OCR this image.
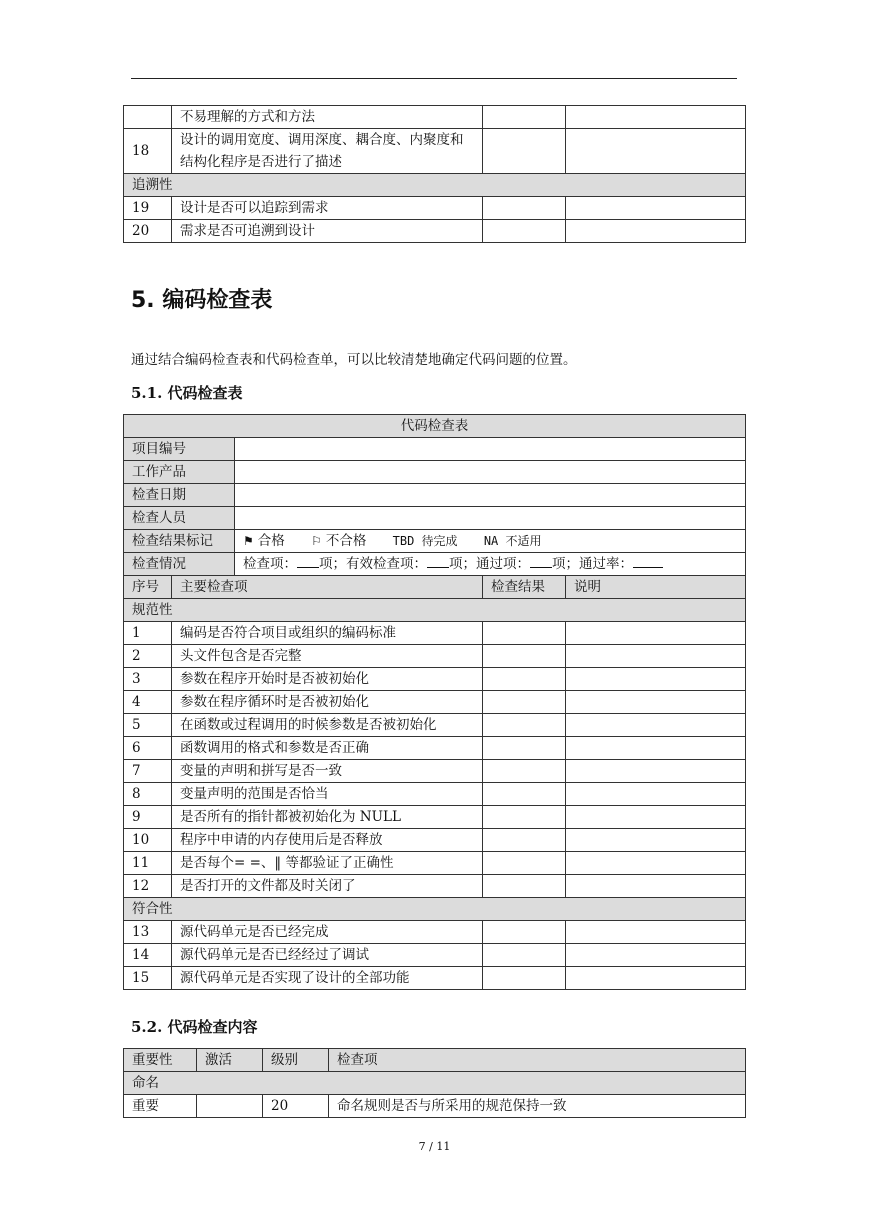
	不易理解的方式和方法		
18	设计的调用宽度、调用深度、耦合度、内聚度和结构化程序是否进行了描述		
追溯性			
19	设计是否可以追踪到需求		
20	需求是否可追溯到设计		
5. 编码检查表
通过结合编码检查表和代码检查单，可以比较清楚地确定代码问题的位置。
5.1. 代码检查表
代码检查表				
项目编号				
工作产品				
检查日期				
检查人员				
检查结果标记		⚑ 合格 ⚐ 不合格 TBD 待完成 NA 不适用		
检查情况		检查项： 项；有效检查项： 项；通过项： 项；通过率：		
序号	主要检查项		检查结果	说明
规范性				
1	编码是否符合项目或组织的编码标准			
2	头文件包含是否完整			
3	参数在程序开始时是否被初始化			
4	参数在程序循环时是否被初始化			
5	在函数或过程调用的时候参数是否被初始化			
6	函数调用的格式和参数是否正确			
7	变量的声明和拼写是否一致			
8	变量声明的范围是否恰当			
9	是否所有的指针都被初始化为 NULL			
10	程序中申请的内存使用后是否释放			
11	是否每个= =、‖ 等都验证了正确性			
12	是否打开的文件都及时关闭了			
符合性				
13	源代码单元是否已经完成			
14	源代码单元是否已经经过了调试			
15	源代码单元是否实现了设计的全部功能			
5.2. 代码检查内容
重要性	激活	级别	检查项
命名			
重要		20	命名规则是否与所采用的规范保持一致
7 / 11
